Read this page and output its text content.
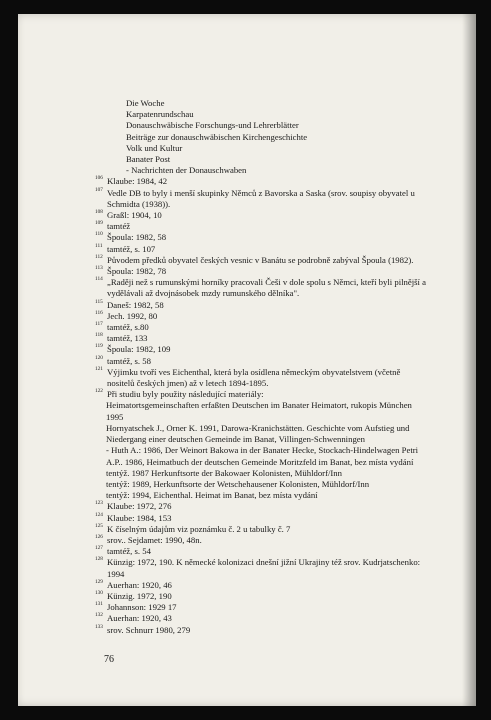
Die Woche
Karpatenrundschau
Donauschwäbische Forschungs-und Lehrerblätter
Beiträge zur donauschwäbischen Kirchengeschichte
Volk und Kultur
Banater Post
- Nachrichten der Donauschwaben
106 Klaube: 1984, 42
107 Vedle DB to byly i menší skupinky Němců z Bavorska a Saska (srov. soupisy obyvatel u Schmidta (1938)).
108 Graßl: 1904, 10
109 tamtéž
110 Špoula: 1982, 58
111 tamtéž, s. 107
112 Původem předků obyvatel českých vesnic v Banátu se podrobně zabýval Špoula (1982).
113 Špoula: 1982, 78
114 „Raději než s rumunskými horníky pracovali Češi v dole spolu s Němci, kteří byli pilnější a vydělávali až dvojnásobek mzdy rumunského dělníka".
115 Daneš: 1982, 58
116 Jech. 1992, 80
117 tamtéž, s.80
118 tamtéž, 133
119 Špoula: 1982, 109
120 tamtéž, s. 58
121 Výjimku tvoří ves Eichenthal, která byla osídlena německým obyvatelstvem (včetně nositelů českých jmen) až v letech 1894-1895.
122 Při studiu byly použity následující materiály:
Heimatortsgemeinschaften erfaßten Deutschen im Banater Heimatort, rukopis München 1995
Hornyatschek J., Orner K. 1991, Darowa-Kranichstätten. Geschichte vom Aufstieg und Niedergang einer deutschen Gemeinde im Banat, Villingen-Schwenningen
- Huth A.: 1986, Der Weinort Bakowa in der Banater Hecke, Stockach-Hindelwagen Petri A.P.. 1986, Heimatbuch der deutschen Gemeinde Moritzfeld im Banat, bez místa vydání
tentýž. 1987 Herkunftsorte der Bakowaer Kolonisten, Mühldorf/Inn
tentýž: 1989, Herkunftsorte der Wetschehausener Kolonisten, Mühldorf/Inn
tentýž: 1994, Eichenthal. Heimat im Banat, bez místa vydání
123 Klaube: 1972, 276
124 Klaube: 1984, 153
125 K číselným údajům viz poznámku č. 2 u tabulky č. 7
126 srov.. Sejdamet: 1990, 48n.
127 tamtéž, s. 54
128 Künzig: 1972, 190. K německé kolonizaci dnešní jižní Ukrajiny též srov. Kudrjatschenko: 1994
129 Auerhan: 1920, 46
130 Künzig. 1972, 190
131 Johannson: 1929 17
132 Auerhan: 1920, 43
133 srov. Schnurr 1980, 279
76
